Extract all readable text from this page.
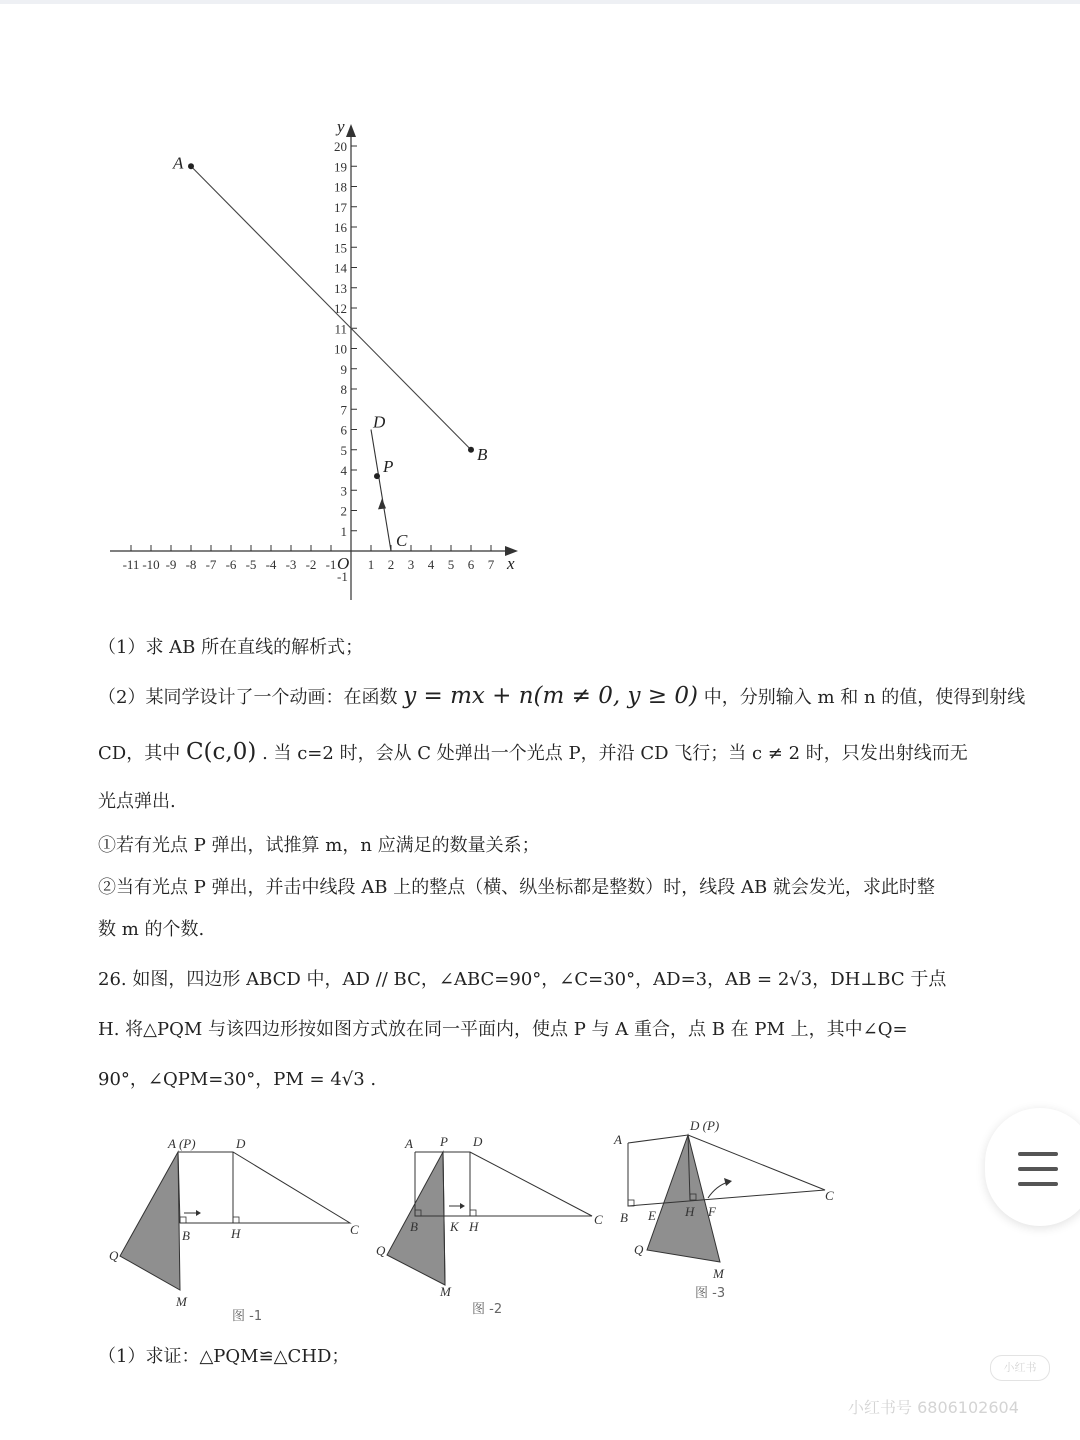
1
2
3
4
5
6
7
8
9
10
11
12
13
14
15
16
17
18
19
20
-11 -10 -9 -8 -7 -6 -5 -4 -3 -2 -1 1 2 3 4 5 6 7
O
-1
x
y
A
B
P
D
C
（1）求 AB 所在直线的解析式；
（2）某同学设计了一个动画：在函数 y = mx + n(m ≠ 0, y ≥ 0) 中，分别输入 m 和 n 的值，使得到射线
CD，其中 C(c,0) . 当 c=2 时，会从 C 处弹出一个光点 P，并沿 CD 飞行；当 c ≠ 2 时，只发出射线而无
光点弹出.
①若有光点 P 弹出，试推算 m，n 应满足的数量关系；
②当有光点 P 弹出，并击中线段 AB 上的整点（横、纵坐标都是整数）时，线段 AB 就会发光，求此时整
数 m 的个数.
26. 如图，四边形 ABCD 中，AD // BC，∠ABC=90°，∠C=30°，AD=3，AB = 2√3，DH⊥BC 于点
H. 将△PQM 与该四边形按如图方式放在同一平面内，使点 P 与 A 重合，点 B 在 PM 上，其中∠Q=
90°，∠QPM=30°，PM = 4√3 .
A (P)	D
Q
B	H	C
M
图 -1
A P D
Q
B K H	C
M
图 -2
A
D (P)
B E H F
C
Q
M
图 -3
（1）求证：△PQM≌△CHD；
小红书
小红书号 6806102604
